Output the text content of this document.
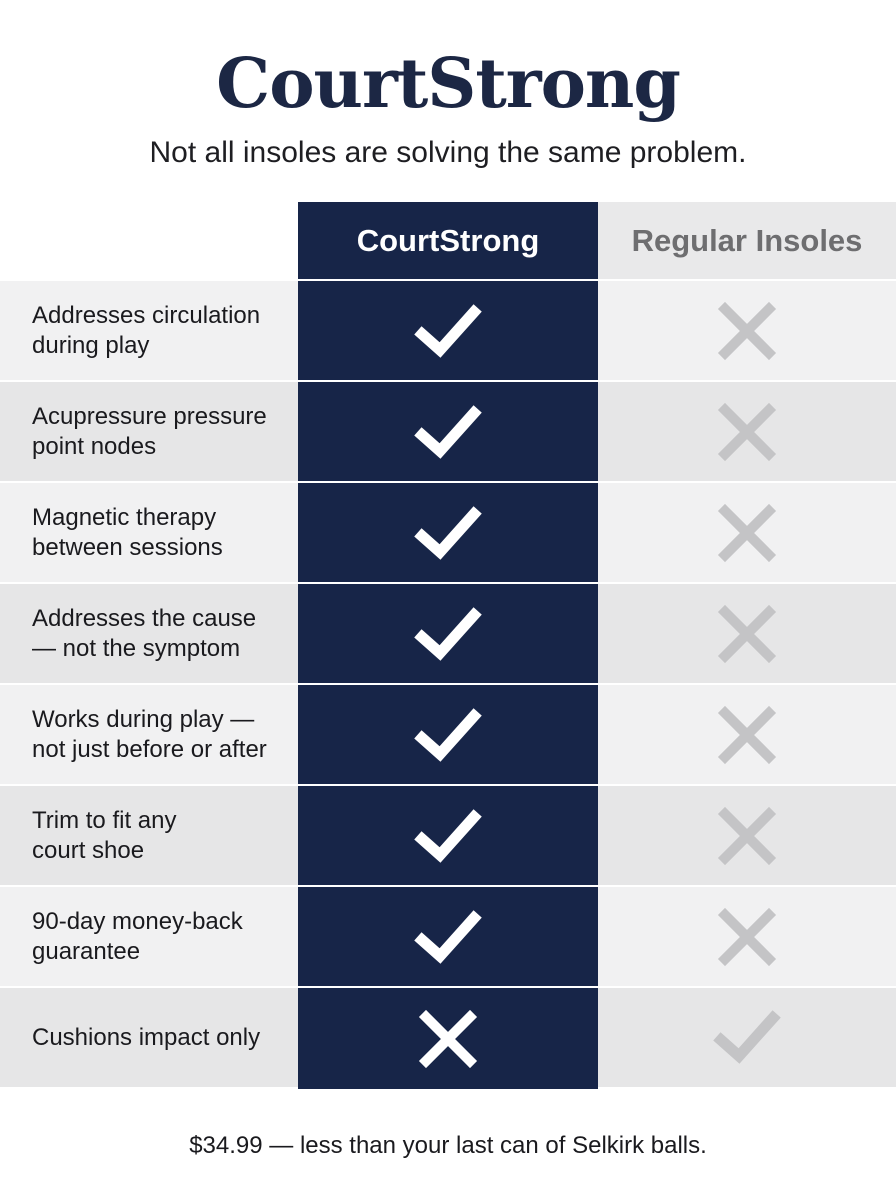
CourtStrong
Not all insoles are solving the same problem.
CourtStrong	Regular Insoles
Addresses circulation
during play
Acupressure pressure
point nodes
Magnetic therapy
between sessions
Addresses the cause
— not the symptom
Works during play —
not just before or after
Trim to fit any
court shoe
90-day money-back
guarantee
Cushions impact only
$34.99 — less than your last can of Selkirk balls.
